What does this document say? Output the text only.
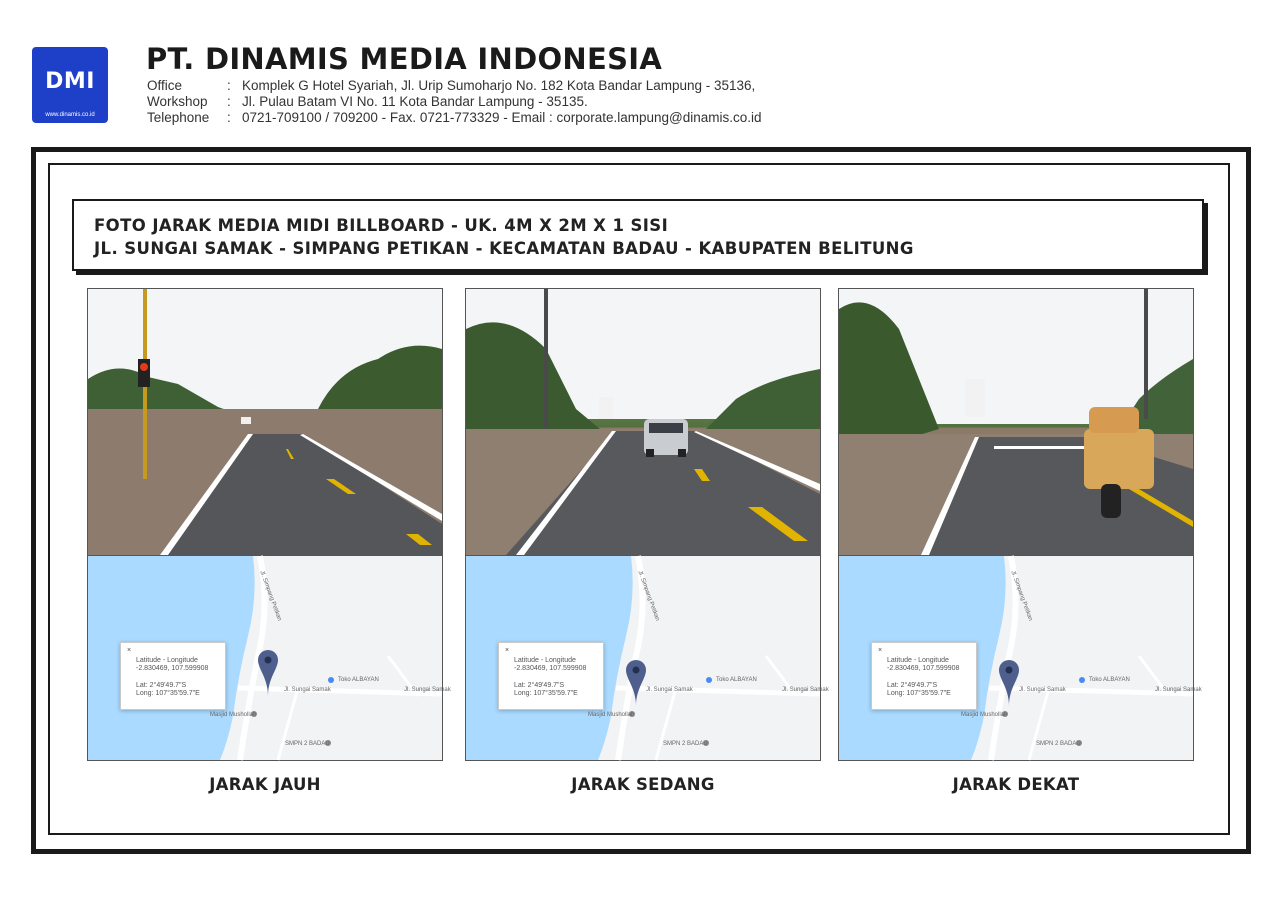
DMI
www.dinamis.co.id
PT. DINAMIS MEDIA INDONESIA
Office	: Komplek G Hotel Syariah, Jl. Urip Sumoharjo No. 182 Kota Bandar Lampung - 35136,
Workshop	: Jl. Pulau Batam VI No. 11 Kota Bandar Lampung - 35135.
Telephone	: 0721-709100 / 709200 - Fax. 0721-773329 - Email : corporate.lampung@dinamis.co.id
FOTO JARAK MEDIA MIDI BILLBOARD - UK. 4M X 2M X 1 SISI
JL. SUNGAI SAMAK - SIMPANG PETIKAN - KECAMATAN BADAU - KABUPATEN BELITUNG
×
Latitude - Longitude
-2.830469, 107.599908
Lat: 2°49'49.7"S
Long: 107°35'59.7"E
Toko ALBAYAN
Jl. Sungai Samak	Jl. Sungai Samak
Masjid Mushollah
SMPN 2 BADAU
Jl. Simpang Petikan
JARAK JAUH
×
Latitude - Longitude
-2.830469, 107.599908
Lat: 2°49'49.7"S
Long: 107°35'59.7"E
Toko ALBAYAN
Jl. Sungai Samak	Jl. Sungai Samak
Masjid Mushollah
SMPN 2 BADAU
Jl. Simpang Petikan
JARAK SEDANG
×
Latitude - Longitude
-2.830469, 107.599908
Lat: 2°49'49.7"S
Long: 107°35'59.7"E
Toko ALBAYAN
Jl. Sungai Samak	Jl. Sungai Samak
Masjid Mushollah
SMPN 2 BADAU
Jl. Simpang Petikan
JARAK DEKAT
